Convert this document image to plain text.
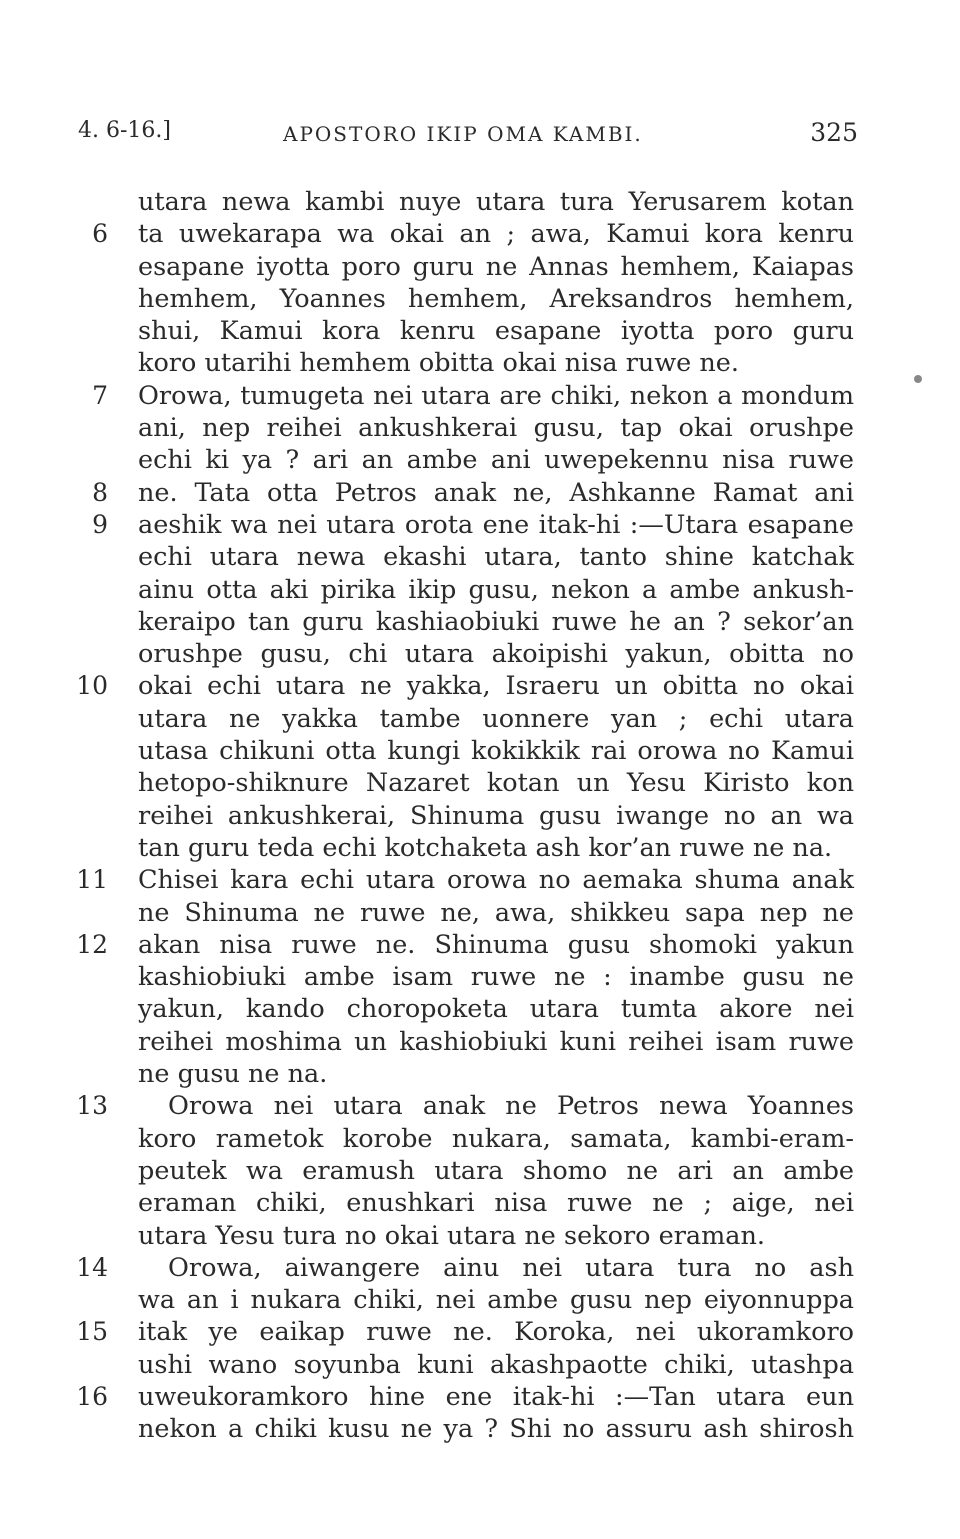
4. 6-16.]	APOSTORO IKIP OMA KAMBI.	325
utara newa kambi nuye utara tura Yerusarem kotan
6 ta uwekarapa wa okai an ; awa, Kamui kora kenru
esapane iyotta poro guru ne Annas hemhem, Kaiapas
hemhem, Yoannes hemhem, Areksandros hemhem,
shui, Kamui kora kenru esapane iyotta poro guru
koro utarihi hemhem obitta okai nisa ruwe ne.
7 Orowa, tumugeta nei utara are chiki, nekon a mondum
ani, nep reihei ankushkerai gusu, tap okai orushpe
echi ki ya ? ari an ambe ani uwepekennu nisa ruwe
8 ne. Tata otta Petros anak ne, Ashkanne Ramat ani
9 aeshik wa nei utara orota ene itak-hi :—Utara esapane
echi utara newa ekashi utara, tanto shine katchak
ainu otta aki pirika ikip gusu, nekon a ambe ankush-
keraipo tan guru kashiaobiuki ruwe he an ? sekor’an
orushpe gusu, chi utara akoipishi yakun, obitta no
10 okai echi utara ne yakka, Israeru un obitta no okai
utara ne yakka tambe uonnere yan ; echi utara
utasa chikuni otta kungi kokikkik rai orowa no Kamui
hetopo-shiknure Nazaret kotan un Yesu Kiristo kon
reihei ankushkerai, Shinuma gusu iwange no an wa
tan guru teda echi kotchaketa ash kor’an ruwe ne na.
11 Chisei kara echi utara orowa no aemaka shuma anak
ne Shinuma ne ruwe ne, awa, shikkeu sapa nep ne
12 akan nisa ruwe ne. Shinuma gusu shomoki yakun
kashiobiuki ambe isam ruwe ne : inambe gusu ne
yakun, kando choropoketa utara tumta akore nei
reihei moshima un kashiobiuki kuni reihei isam ruwe
ne gusu ne na.
13 Orowa nei utara anak ne Petros newa Yoannes
koro rametok korobe nukara, samata, kambi-eram-
peutek wa eramush utara shomo ne ari an ambe
eraman chiki, enushkari nisa ruwe ne ; aige, nei
utara Yesu tura no okai utara ne sekoro eraman.
14 Orowa, aiwangere ainu nei utara tura no ash
wa an i nukara chiki, nei ambe gusu nep eiyonnuppa
15 itak ye eaikap ruwe ne. Koroka, nei ukoramkoro
ushi wano soyunba kuni akashpaotte chiki, utashpa
16 uweukoramkoro hine ene itak-hi :—Tan utara eun
nekon a chiki kusu ne ya ? Shi no assuru ash shirosh
